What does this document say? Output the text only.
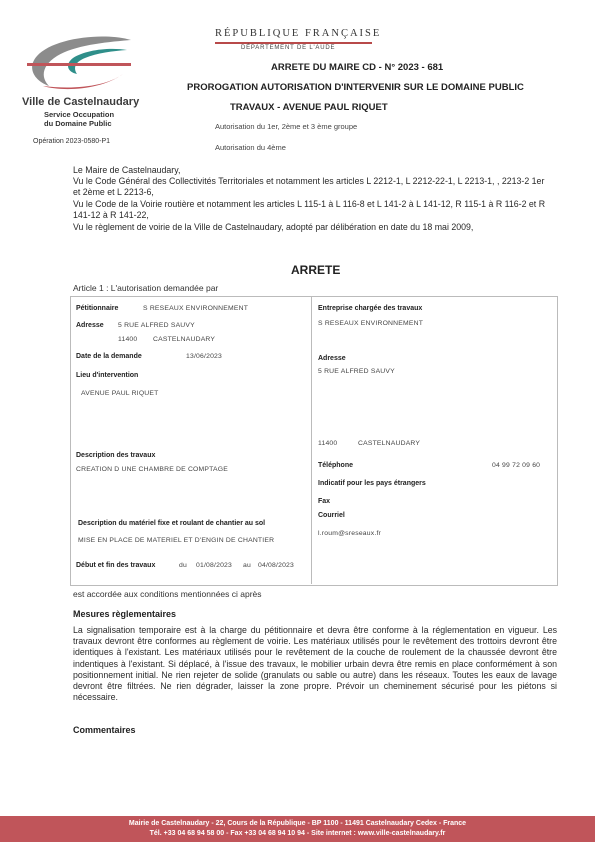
RÉPUBLIQUE FRANÇAISE
DÉPARTEMENT DE L'AUDE
ARRETE DU MAIRE CD - N° 2023 - 681
PROROGATION AUTORISATION D'INTERVENIR SUR LE DOMAINE PUBLIC
TRAVAUX - AVENUE PAUL RIQUET
Autorisation du 1er, 2ème et 3 ème groupe
Autorisation du 4ème
Ville de Castelnaudary
Service Occupation
du Domaine Public
Opération 2023-0580-P1
Le Maire de Castelnaudary,
Vu le Code Général des Collectivités Territoriales et notamment les articles L 2212-1, L 2212-22-1, L 2213-1, , 2213-2 1er et 2ème et L 2213-6,
Vu le Code de la Voirie routière et notamment les articles L 115-1 à L 116-8 et L 141-2 à L 141-12, R 115-1 à R 116-2 et R 141-12 à R 141-22,
Vu le règlement de voirie de la Ville de Castelnaudary, adopté par délibération en date du 18 mai 2009,
ARRETE
Article 1 : L'autorisation demandée par
Pétitionnaire	S RESEAUX ENVIRONNEMENT
Adresse 5 RUE ALFRED SAUVY
11400 CASTELNAUDARY
Date de la demande	13/06/2023
Lieu d'intervention
AVENUE PAUL RIQUET
Description des travaux
CREATION D UNE CHAMBRE DE COMPTAGE
Description du matériel fixe et roulant de chantier au sol
MISE EN PLACE DE MATERIEL ET D'ENGIN DE CHANTIER
Début et fin des travaux	du 01/08/2023 au 04/08/2023
Entreprise chargée des travaux
S RESEAUX ENVIRONNEMENT
Adresse
5 RUE ALFRED SAUVY
11400	CASTELNAUDARY
Téléphone	04 99 72 09 60
Indicatif pour les pays étrangers
Fax
Courriel
l.roum@sreseaux.fr
est accordée aux conditions mentionnées ci après
Mesures règlementaires
La signalisation temporaire est à la charge du pétitionnaire et devra être conforme à la réglementation en vigueur. Les travaux devront être conformes au règlement de voirie. Les matériaux utilisés pour le revêtement des trottoirs devront être identiques à l'existant. Les matériaux utilisés pour le revêtement de la couche de roulement de la chaussée devront être indentiques à l'existant. Si déplacé, à l'issue des travaux, le mobilier urbain devra être remis en place conformément à son positionnement initial. Ne rien rejeter de solide (granulats ou sable ou autre) dans les réseaux. Toutes les eaux de lavage devront être filtrées. Ne rien dégrader, laisser la zone propre. Prévoir un cheminement sécurisé pour les piétons si nécessaire.
Commentaires
Mairie de Castelnaudary - 22, Cours de la République - BP 1100 - 11491 Castelnaudary Cedex - France
Tél. +33 04 68 94 58 00 - Fax +33 04 68 94 10 94 - Site internet : www.ville-castelnaudary.fr
